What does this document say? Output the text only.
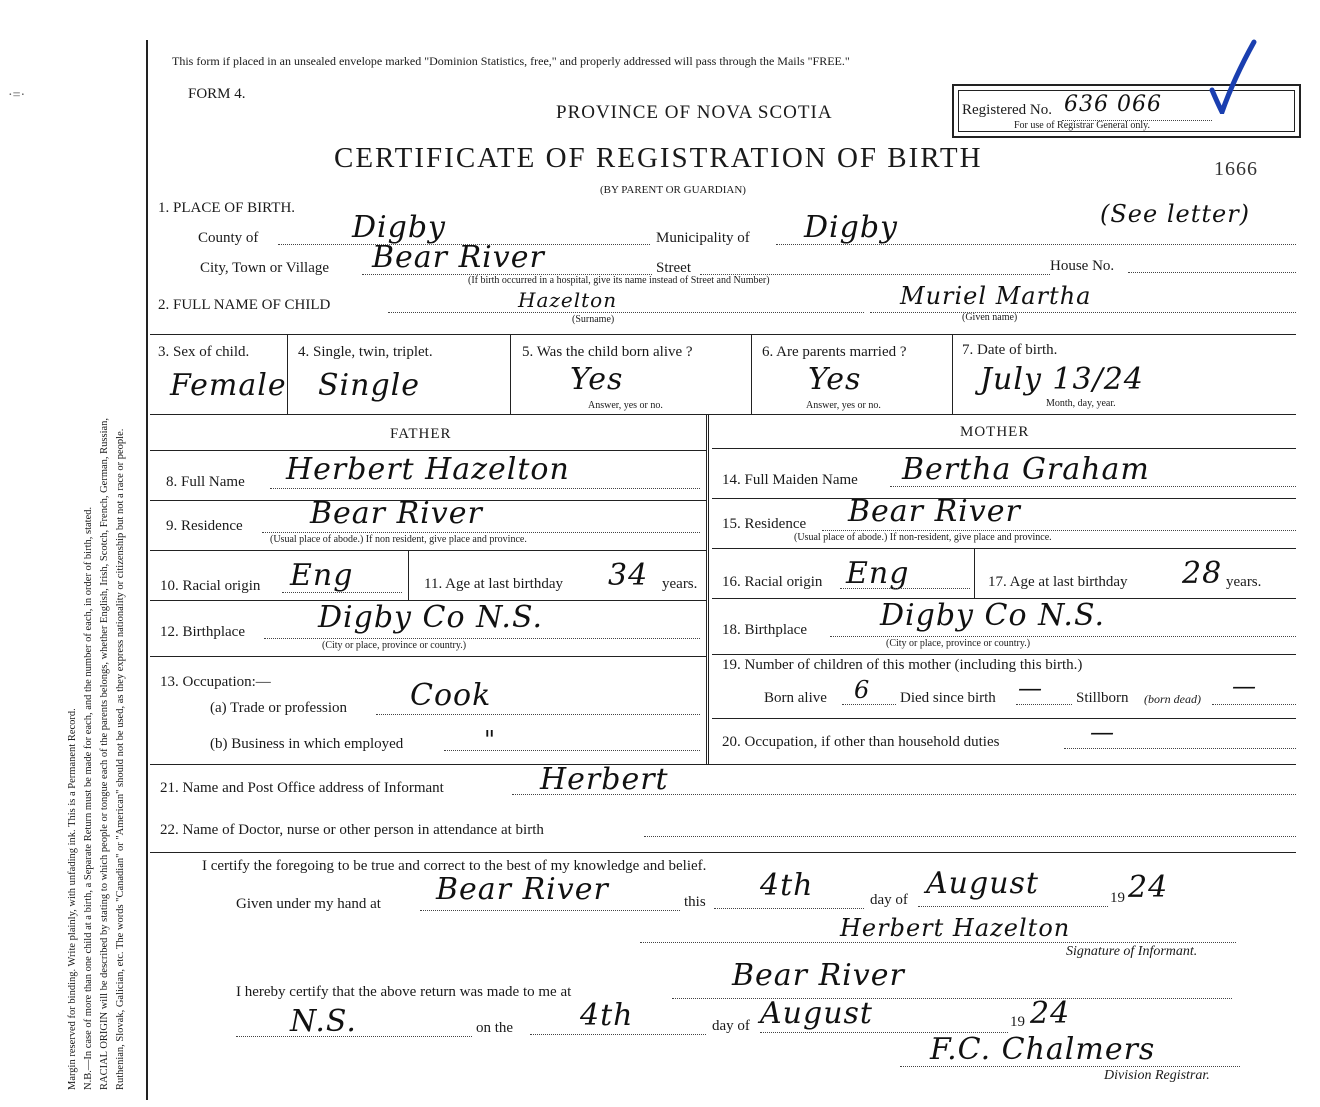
Margin reserved for binding. Write plainly, with unfading ink. This is a Permanent Record. N.B.—In case of more than one child at a birth, a Separate Return must be made for each, and the number of each, in order of birth, stated. RACIAL ORIGIN will be described by stating to which people or tongue each of the parents belongs, whether English, Irish, Scotch, French, German, Russian, Ruthenian, Slovak, Galician, etc. The words "Canadian" or "American" should not be used, as they express nationality or citizenship but not a race or people.
·=·
This form if placed in an unsealed envelope marked "Dominion Statistics, free," and properly addressed will pass through the Mails "FREE."
FORM 4.
PROVINCE OF NOVA SCOTIA
CERTIFICATE OF REGISTRATION OF BIRTH
(BY PARENT OR GUARDIAN)
Registered No. 636 066
For use of Registrar General only.
1666
1. PLACE OF BIRTH.
County of	Digby	Municipality of Digby	(See letter)
City, Town or Village Bear River	Street	House No.
(If birth occurred in a hospital, give its name instead of Street and Number)
2. FULL NAME OF CHILD	Hazelton
(Surname)
Muriel Martha
(Given name)
3. Sex of child.
Female
4. Single, twin, triplet.
Single
5. Was the child born alive ?
Yes
Answer, yes or no.
6. Are parents married ?
Yes
Answer, yes or no.
7. Date of birth.
July 13/24
Month, day, year.
FATHER	MOTHER
8. Full Name Herbert Hazelton
9. Residence Bear River
(Usual place of abode.) If non resident, give place and province.
10. Racial origin Eng	11. Age at last birthday 34 years.
12. Birthplace Digby Co N.S.
(City or place, province or country.)
13. Occupation:—
(a) Trade or profession Cook
(b) Business in which employed	"
14. Full Maiden Name Bertha Graham
15. Residence Bear River
(Usual place of abode.) If non-resident, give place and province.
16. Racial origin Eng	17. Age at last birthday 28 years.
18. Birthplace Digby Co N.S.
(City or place, province or country.)
19. Number of children of this mother (including this birth.)
Born alive 6 Died since birth — Stillborn (born dead) —
20. Occupation, if other than household duties	—
21. Name and Post Office address of Informant	Herbert
22. Name of Doctor, nurse or other person in attendance at birth
I certify the foregoing to be true and correct to the best of my knowledge and belief.
Given under my hand at Bear River	this 4th	day of August	19 24
Herbert Hazelton
Signature of Informant.
I hereby certify that the above return was made to me at	Bear River
N.S.	on the 4th	day of August	19 24
F.C. Chalmers
Division Registrar.
